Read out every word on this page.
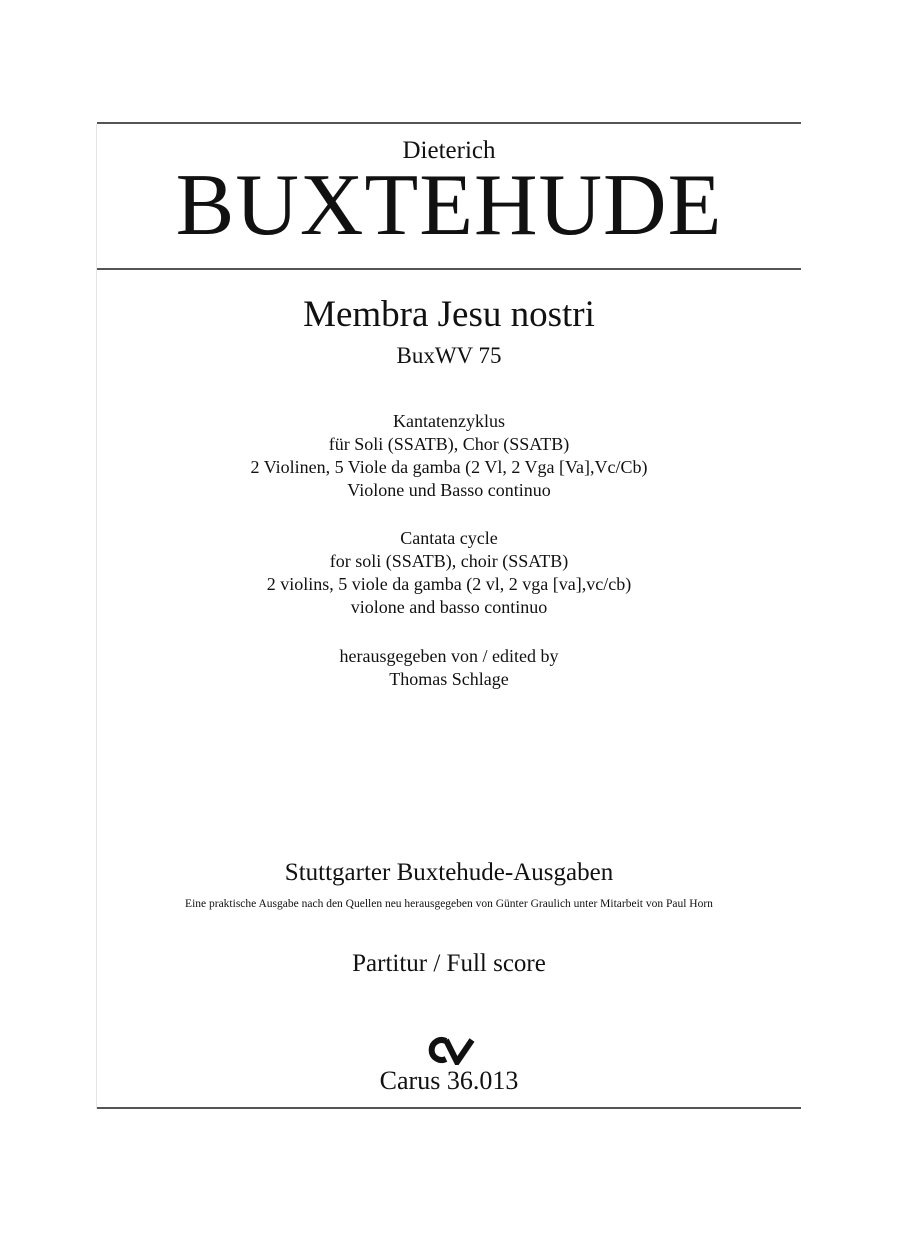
Dieterich
BUXTEHUDE
Membra Jesu nostri
BuxWV 75
Kantatenzyklus
für Soli (SSATB), Chor (SSATB)
2 Violinen, 5 Viole da gamba (2 Vl, 2 Vga [Va],Vc/Cb)
Violone und Basso continuo
Cantata cycle
for soli (SSATB), choir (SSATB)
2 violins, 5 viole da gamba (2 vl, 2 vga [va],vc/cb)
violone and basso continuo
herausgegeben von / edited by
Thomas Schlage
Stuttgarter Buxtehude-Ausgaben
Eine praktische Ausgabe nach den Quellen neu herausgegeben von Günter Graulich unter Mitarbeit von Paul Horn
Partitur / Full score
Carus 36.013
